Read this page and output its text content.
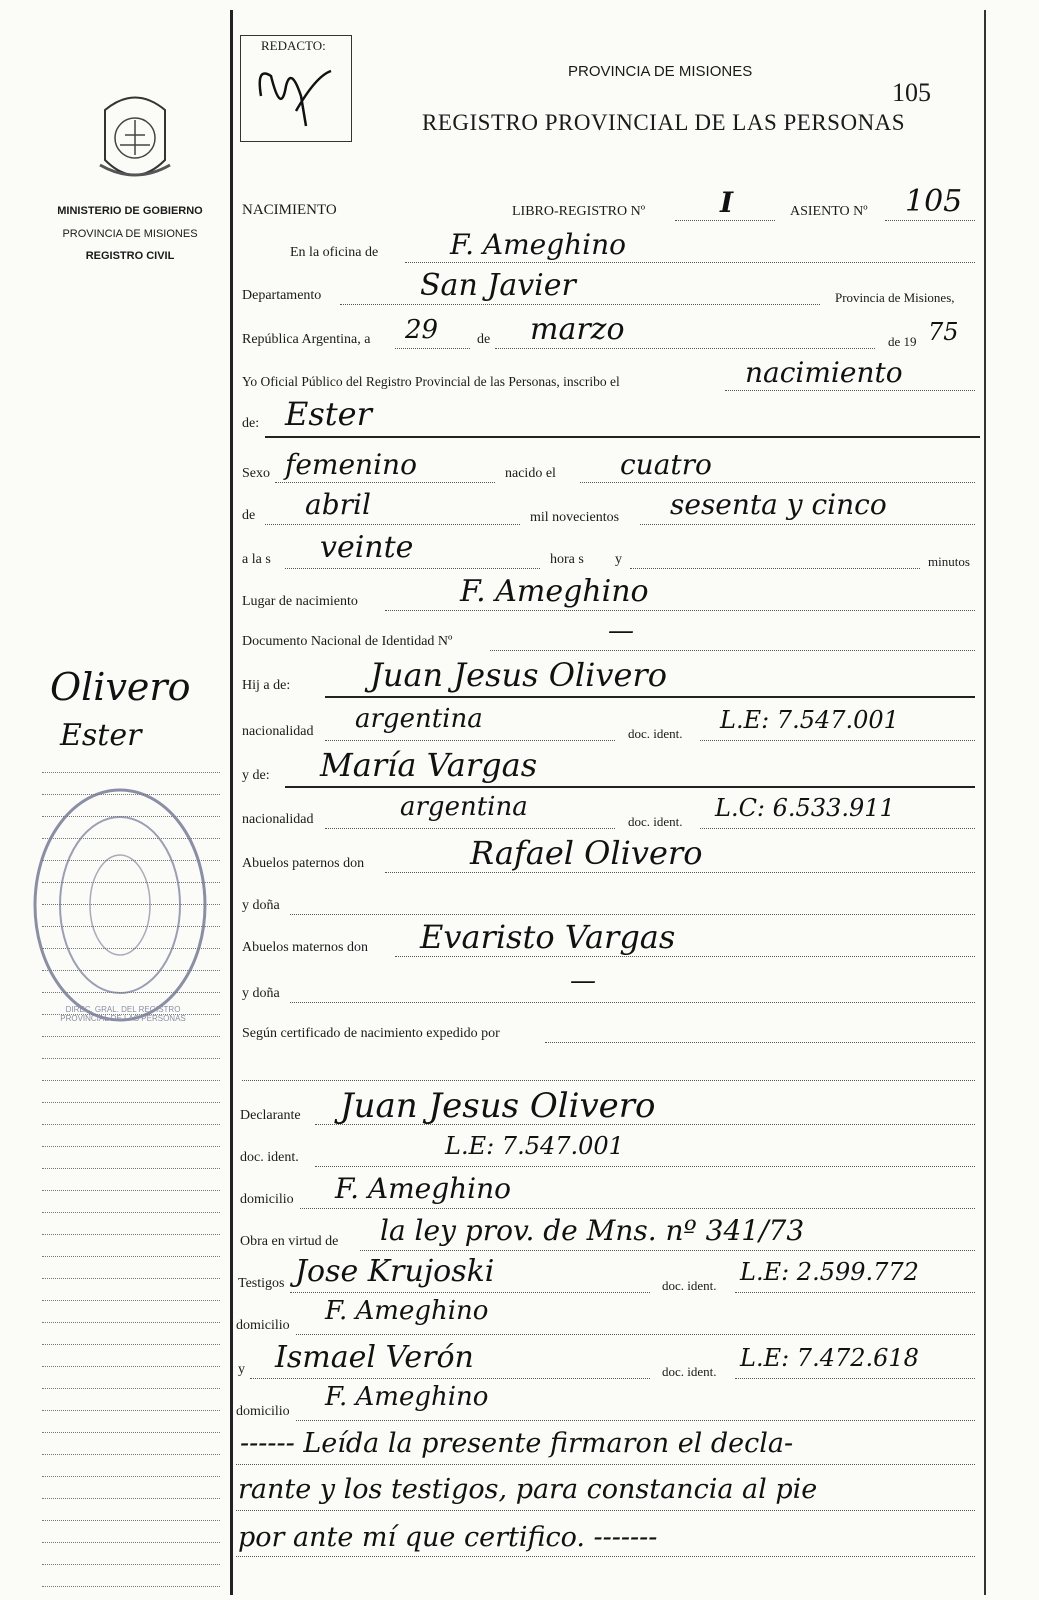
MINISTERIO DE GOBIERNO
PROVINCIA DE MISIONES
REGISTRO CIVIL
Olivero
Ester
DIREC. GRAL. DEL REGISTRO PROVINCIAL DE LAS PERSONAS
REDACTO:
PROVINCIA DE MISIONES
REGISTRO PROVINCIAL DE LAS PERSONAS
105
NACIMIENTO	LIBRO-REGISTRO Nº	I	ASIENTO Nº 105
En la oficina de	F. Ameghino
Departamento	San Javier	Provincia de Misiones,
República Argentina, a 29	de marzo	de 19 75
Yo Oficial Público del Registro Provincial de las Personas, inscribo el	nacimiento
de: Ester
Sexo femenino	nacido el cuatro
de abril	mil novecientos sesenta y cinco
a la s veinte	hora s y	minutos
Lugar de nacimiento	F. Ameghino
Documento Nacional de Identidad Nº	—
Hij a de: Juan Jesus Olivero
nacionalidad argentina	doc. ident. L.E: 7.547.001
y de: María Vargas
nacionalidad	argentina	doc. ident. L.C: 6.533.911
Abuelos paternos don	Rafael Olivero
y doña
Abuelos maternos don Evaristo Vargas
y doña	—
Según certificado de nacimiento expedido por
Declarante Juan Jesus Olivero
doc. ident.	L.E: 7.547.001
domicilio F. Ameghino
Obra en virtud de la ley prov. de Mns. nº 341/73
Testigos Jose Krujoski	doc. ident. L.E: 2.599.772
domicilio F. Ameghino
y Ismael Verón	doc. ident. L.E: 7.472.618
domicilio F. Ameghino
------ Leída la presente firmaron el decla-
rante y los testigos, para constancia al pie
por ante mí que certifico. -------
